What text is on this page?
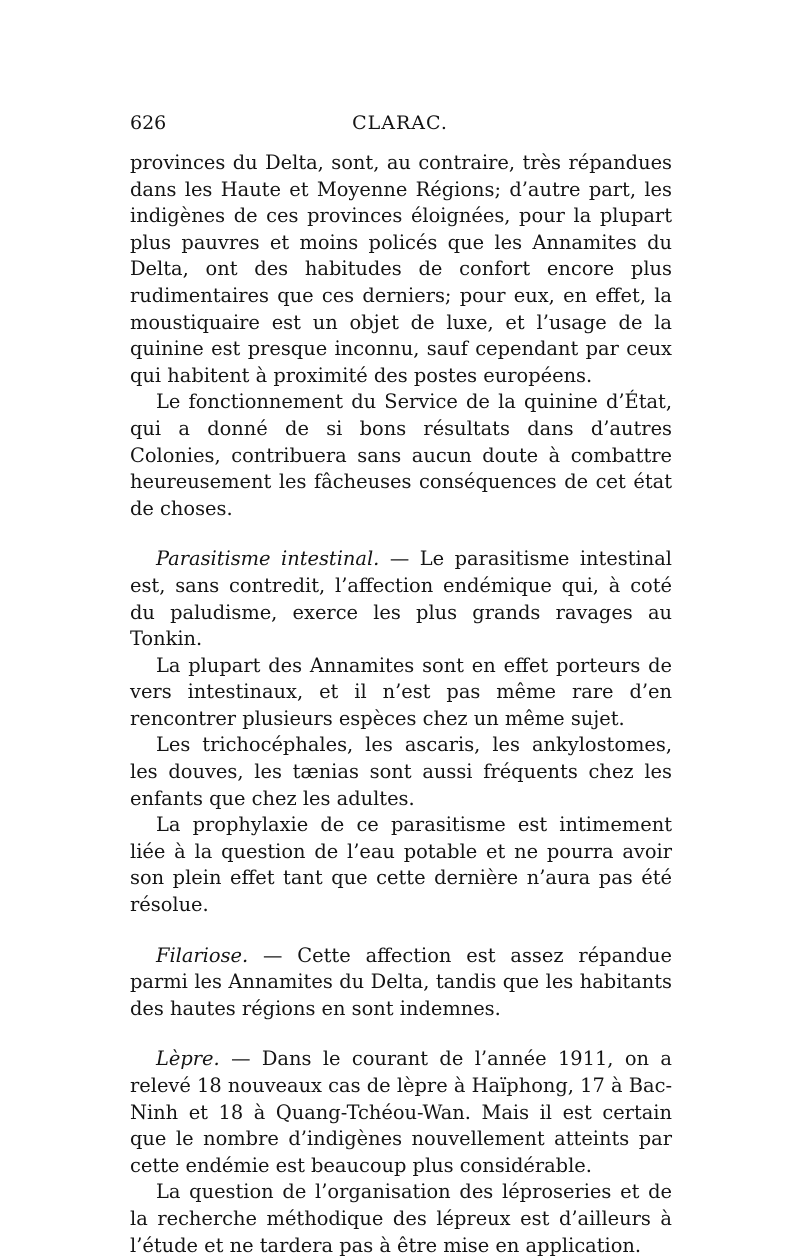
626	CLARAC.

provinces du Delta, sont, au contraire, très répandues dans les Haute et Moyenne Régions; d’autre part, les indigènes de ces provinces éloignées, pour la plupart plus pauvres et moins policés que les Annamites du Delta, ont des habitudes de confort encore plus rudimentaires que ces derniers; pour eux, en effet, la moustiquaire est un objet de luxe, et l’usage de la quinine est presque inconnu, sauf cependant par ceux qui habitent à proximité des postes européens.

Le fonctionnement du Service de la quinine d’État, qui a donné de si bons résultats dans d’autres Colonies, contribuera sans aucun doute à combattre heureusement les fâcheuses conséquences de cet état de choses.

Parasitisme intestinal. — Le parasitisme intestinal est, sans contredit, l’affection endémique qui, à coté du paludisme, exerce les plus grands ravages au Tonkin.

La plupart des Annamites sont en effet porteurs de vers intestinaux, et il n’est pas même rare d’en rencontrer plusieurs espèces chez un même sujet.

Les trichocéphales, les ascaris, les ankylostomes, les douves, les tænias sont aussi fréquents chez les enfants que chez les adultes.

La prophylaxie de ce parasitisme est intimement liée à la question de l’eau potable et ne pourra avoir son plein effet tant que cette dernière n’aura pas été résolue.

Filariose. — Cette affection est assez répandue parmi les Annamites du Delta, tandis que les habitants des hautes régions en sont indemnes.

Lèpre. — Dans le courant de l’année 1911, on a relevé 18 nouveaux cas de lèpre à Haïphong, 17 à Bac-Ninh et 18 à Quang-Tchéou-Wan. Mais il est certain que le nombre d’indigènes nouvellement atteints par cette endémie est beaucoup plus considérable.

La question de l’organisation des léproseries et de la recherche méthodique des lépreux est d’ailleurs à l’étude et ne tardera pas à être mise en application.
